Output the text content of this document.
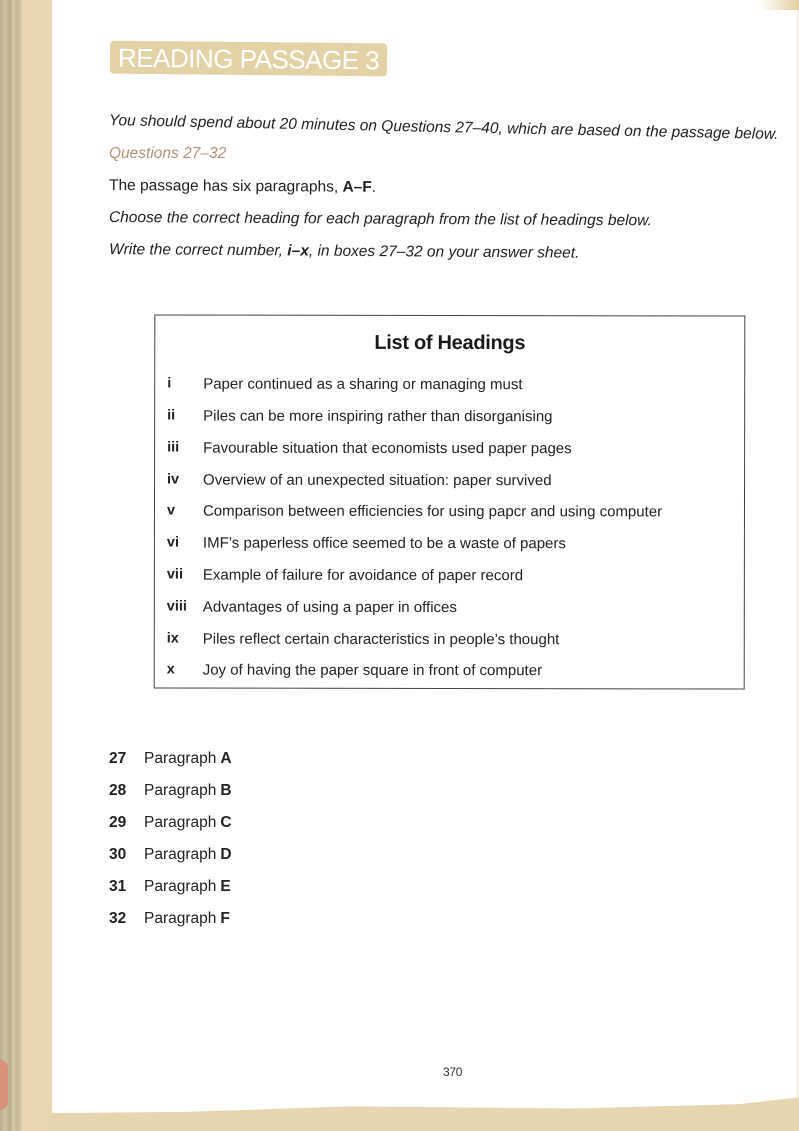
READING PASSAGE 3
You should spend about 20 minutes on Questions 27–40, which are based on the passage below.
Questions 27–32
The passage has six paragraphs, A–F.
Choose the correct heading for each paragraph from the list of headings below.
Write the correct number, i–x, in boxes 27–32 on your answer sheet.
List of Headings
i	Paper continued as a sharing or managing must
ii	Piles can be more inspiring rather than disorganising
iii	Favourable situation that economists used paper pages
iv	Overview of an unexpected situation: paper survived
v	Comparison between efficiencies for using papcr and using computer
vi	IMF’s paperless office seemed to be a waste of papers
vii	Example of failure for avoidance of paper record
viii	Advantages of using a paper in offices
ix	Piles reflect certain characteristics in people’s thought
x	Joy of having the paper square in front of computer
27	Paragraph A
28	Paragraph B
29	Paragraph C
30	Paragraph D
31	Paragraph E
32	Paragraph F
370
